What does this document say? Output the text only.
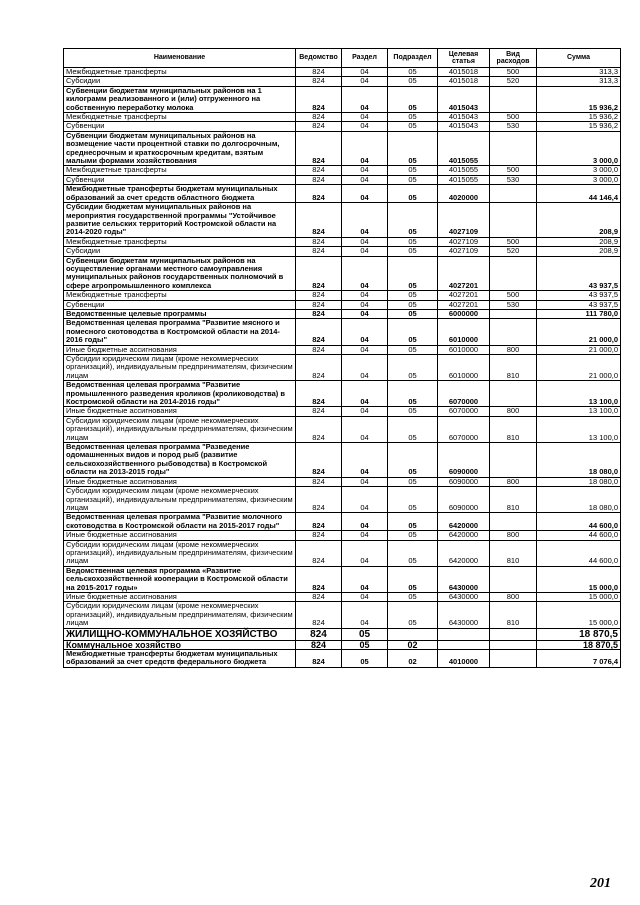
Наименование	Ведомство	Раздел	Подраздел	Целевая статья	Вид расходов	Сумма
Межбюджетные трансферты	824	04	05	4015018	500	313,3
Субсидии	824	04	05	4015018	520	313,3
Субвенции бюджетам муниципальных районов на 1 килограмм реализованного и (или) отгруженного на собственную переработку молока	824	04	05	4015043		15 936,2
Межбюджетные трансферты	824	04	05	4015043	500	15 936,2
Субвенции	824	04	05	4015043	530	15 936,2
Субвенции бюджетам муниципальных районов на возмещение части процентной ставки по долгосрочным, среднесрочным и краткосрочным кредитам, взятым малыми формами хозяйствования	824	04	05	4015055		3 000,0
Межбюджетные трансферты	824	04	05	4015055	500	3 000,0
Субвенции	824	04	05	4015055	530	3 000,0
Межбюджетные трансферты бюджетам муниципальных образований за счет средств областного бюджета	824	04	05	4020000		44 146,4
Субсидии бюджетам муниципальных районов на мероприятия государственной программы "Устойчивое развитие сельских территорий Костромской области на 2014-2020 годы"	824	04	05	4027109		208,9
Межбюджетные трансферты	824	04	05	4027109	500	208,9
Субсидии	824	04	05	4027109	520	208,9
Субвенции бюджетам муниципальных районов на осуществление органами местного самоуправления муниципальных районов государственных полномочий в сфере агропромышленного комплекса	824	04	05	4027201		43 937,5
Межбюджетные трансферты	824	04	05	4027201	500	43 937,5
Субвенции	824	04	05	4027201	530	43 937,5
Ведомственные целевые программы	824	04	05	6000000		111 780,0
Ведомственная целевая программа "Развитие мясного и помесного скотоводства в Костромской области на 2014-2016 годы"	824	04	05	6010000		21 000,0
Иные бюджетные ассигнования	824	04	05	6010000	800	21 000,0
Субсидии юридическим лицам (кроме некоммерческих организаций), индивидуальным предпринимателям, физическим лицам	824	04	05	6010000	810	21 000,0
Ведомственная целевая программа "Развитие промышленного разведения кроликов (кролиководства) в Костромской области на 2014-2016 годы"	824	04	05	6070000		13 100,0
Иные бюджетные ассигнования	824	04	05	6070000	800	13 100,0
Субсидии юридическим лицам (кроме некоммерческих организаций), индивидуальным предпринимателям, физическим лицам	824	04	05	6070000	810	13 100,0
Ведомственная целевая программа "Разведение одомашненных видов и пород рыб (развитие сельскохозяйственного рыбоводства) в Костромской области на 2013-2015 годы"	824	04	05	6090000		18 080,0
Иные бюджетные ассигнования	824	04	05	6090000	800	18 080,0
Субсидии юридическим лицам (кроме некоммерческих организаций), индивидуальным предпринимателям, физическим лицам	824	04	05	6090000	810	18 080,0
Ведомственная целевая программа "Развитие молочного скотоводства в Костромской области на 2015-2017 годы"	824	04	05	6420000		44 600,0
Иные бюджетные ассигнования	824	04	05	6420000	800	44 600,0
Субсидии юридическим лицам (кроме некоммерческих организаций), индивидуальным предпринимателям, физическим лицам	824	04	05	6420000	810	44 600,0
Ведомственная целевая программа «Развитие сельскохозяйственной кооперации в Костромской области на 2015-2017 годы»	824	04	05	6430000		15 000,0
Иные бюджетные ассигнования	824	04	05	6430000	800	15 000,0
Субсидии юридическим лицам (кроме некоммерческих организаций), индивидуальным предпринимателям, физическим лицам	824	04	05	6430000	810	15 000,0
ЖИЛИЩНО-КОММУНАЛЬНОЕ ХОЗЯЙСТВО	824	05				18 870,5
Коммунальное хозяйство	824	05	02			18 870,5
Межбюджетные трансферты бюджетам муниципальных образований за счет средств федерального бюджета	824	05	02	4010000		7 076,4
201
